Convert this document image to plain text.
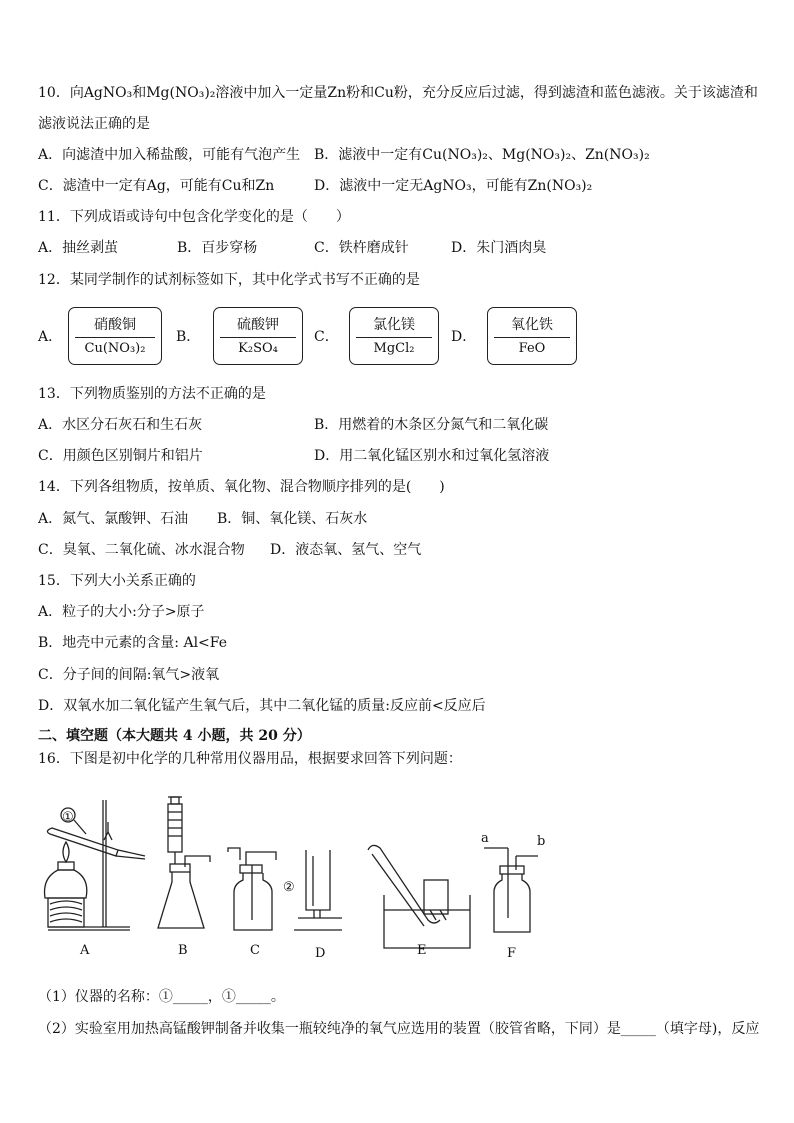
10．向AgNO₃和Mg(NO₃)₂溶液中加入一定量Zn粉和Cu粉，充分反应后过滤，得到滤渣和蓝色滤液。关于该滤渣和
滤液说法正确的是
A．向滤渣中加入稀盐酸，可能有气泡产生 B．滤液中一定有Cu(NO₃)₂、Mg(NO₃)₂、Zn(NO₃)₂
C．滤渣中一定有Ag，可能有Cu和Zn	D．滤液中一定无AgNO₃，可能有Zn(NO₃)₂
11．下列成语或诗句中包含化学变化的是（　　）
A．抽丝剥茧	B．百步穿杨	C．铁杵磨成针	D．朱门酒肉臭
12．某同学制作的试剂标签如下，其中化学式书写不正确的是
A．
硝酸铜
Cu(NO₃)₂
B．
硫酸钾
K₂SO₄
C．
氯化镁
MgCl₂
D．
氧化铁
FeO
13．下列物质鉴别的方法不正确的是
A．水区分石灰石和生石灰	B．用燃着的木条区分氮气和二氧化碳
C．用颜色区别铜片和铝片	D．用二氧化锰区别水和过氧化氢溶液
14．下列各组物质，按单质、氧化物、混合物顺序排列的是(　　)
A．氮气、氯酸钾、石油 B．铜、氧化镁、石灰水
C．臭氧、二氧化硫、冰水混合物 D．液态氧、氢气、空气
15．下列大小关系正确的
A．粒子的大小:分子>原子
B．地壳中元素的含量: Al<Fe
C．分子间的间隔:氧气>液氧
D．双氧水加二氧化锰产生氧气后，其中二氧化锰的质量:反应前<反应后
二、填空题（本大题共 4 小题，共 20 分）
16．下图是初中化学的几种常用仪器用品，根据要求回答下列问题：
①
②
a	b
A	B	C	D	E	F
（1）仪器的名称：①_____，①_____。
（2）实验室用加热高锰酸钾制备并收集一瓶较纯净的氧气应选用的装置（胶管省略，下同）是_____（填字母)，反应
